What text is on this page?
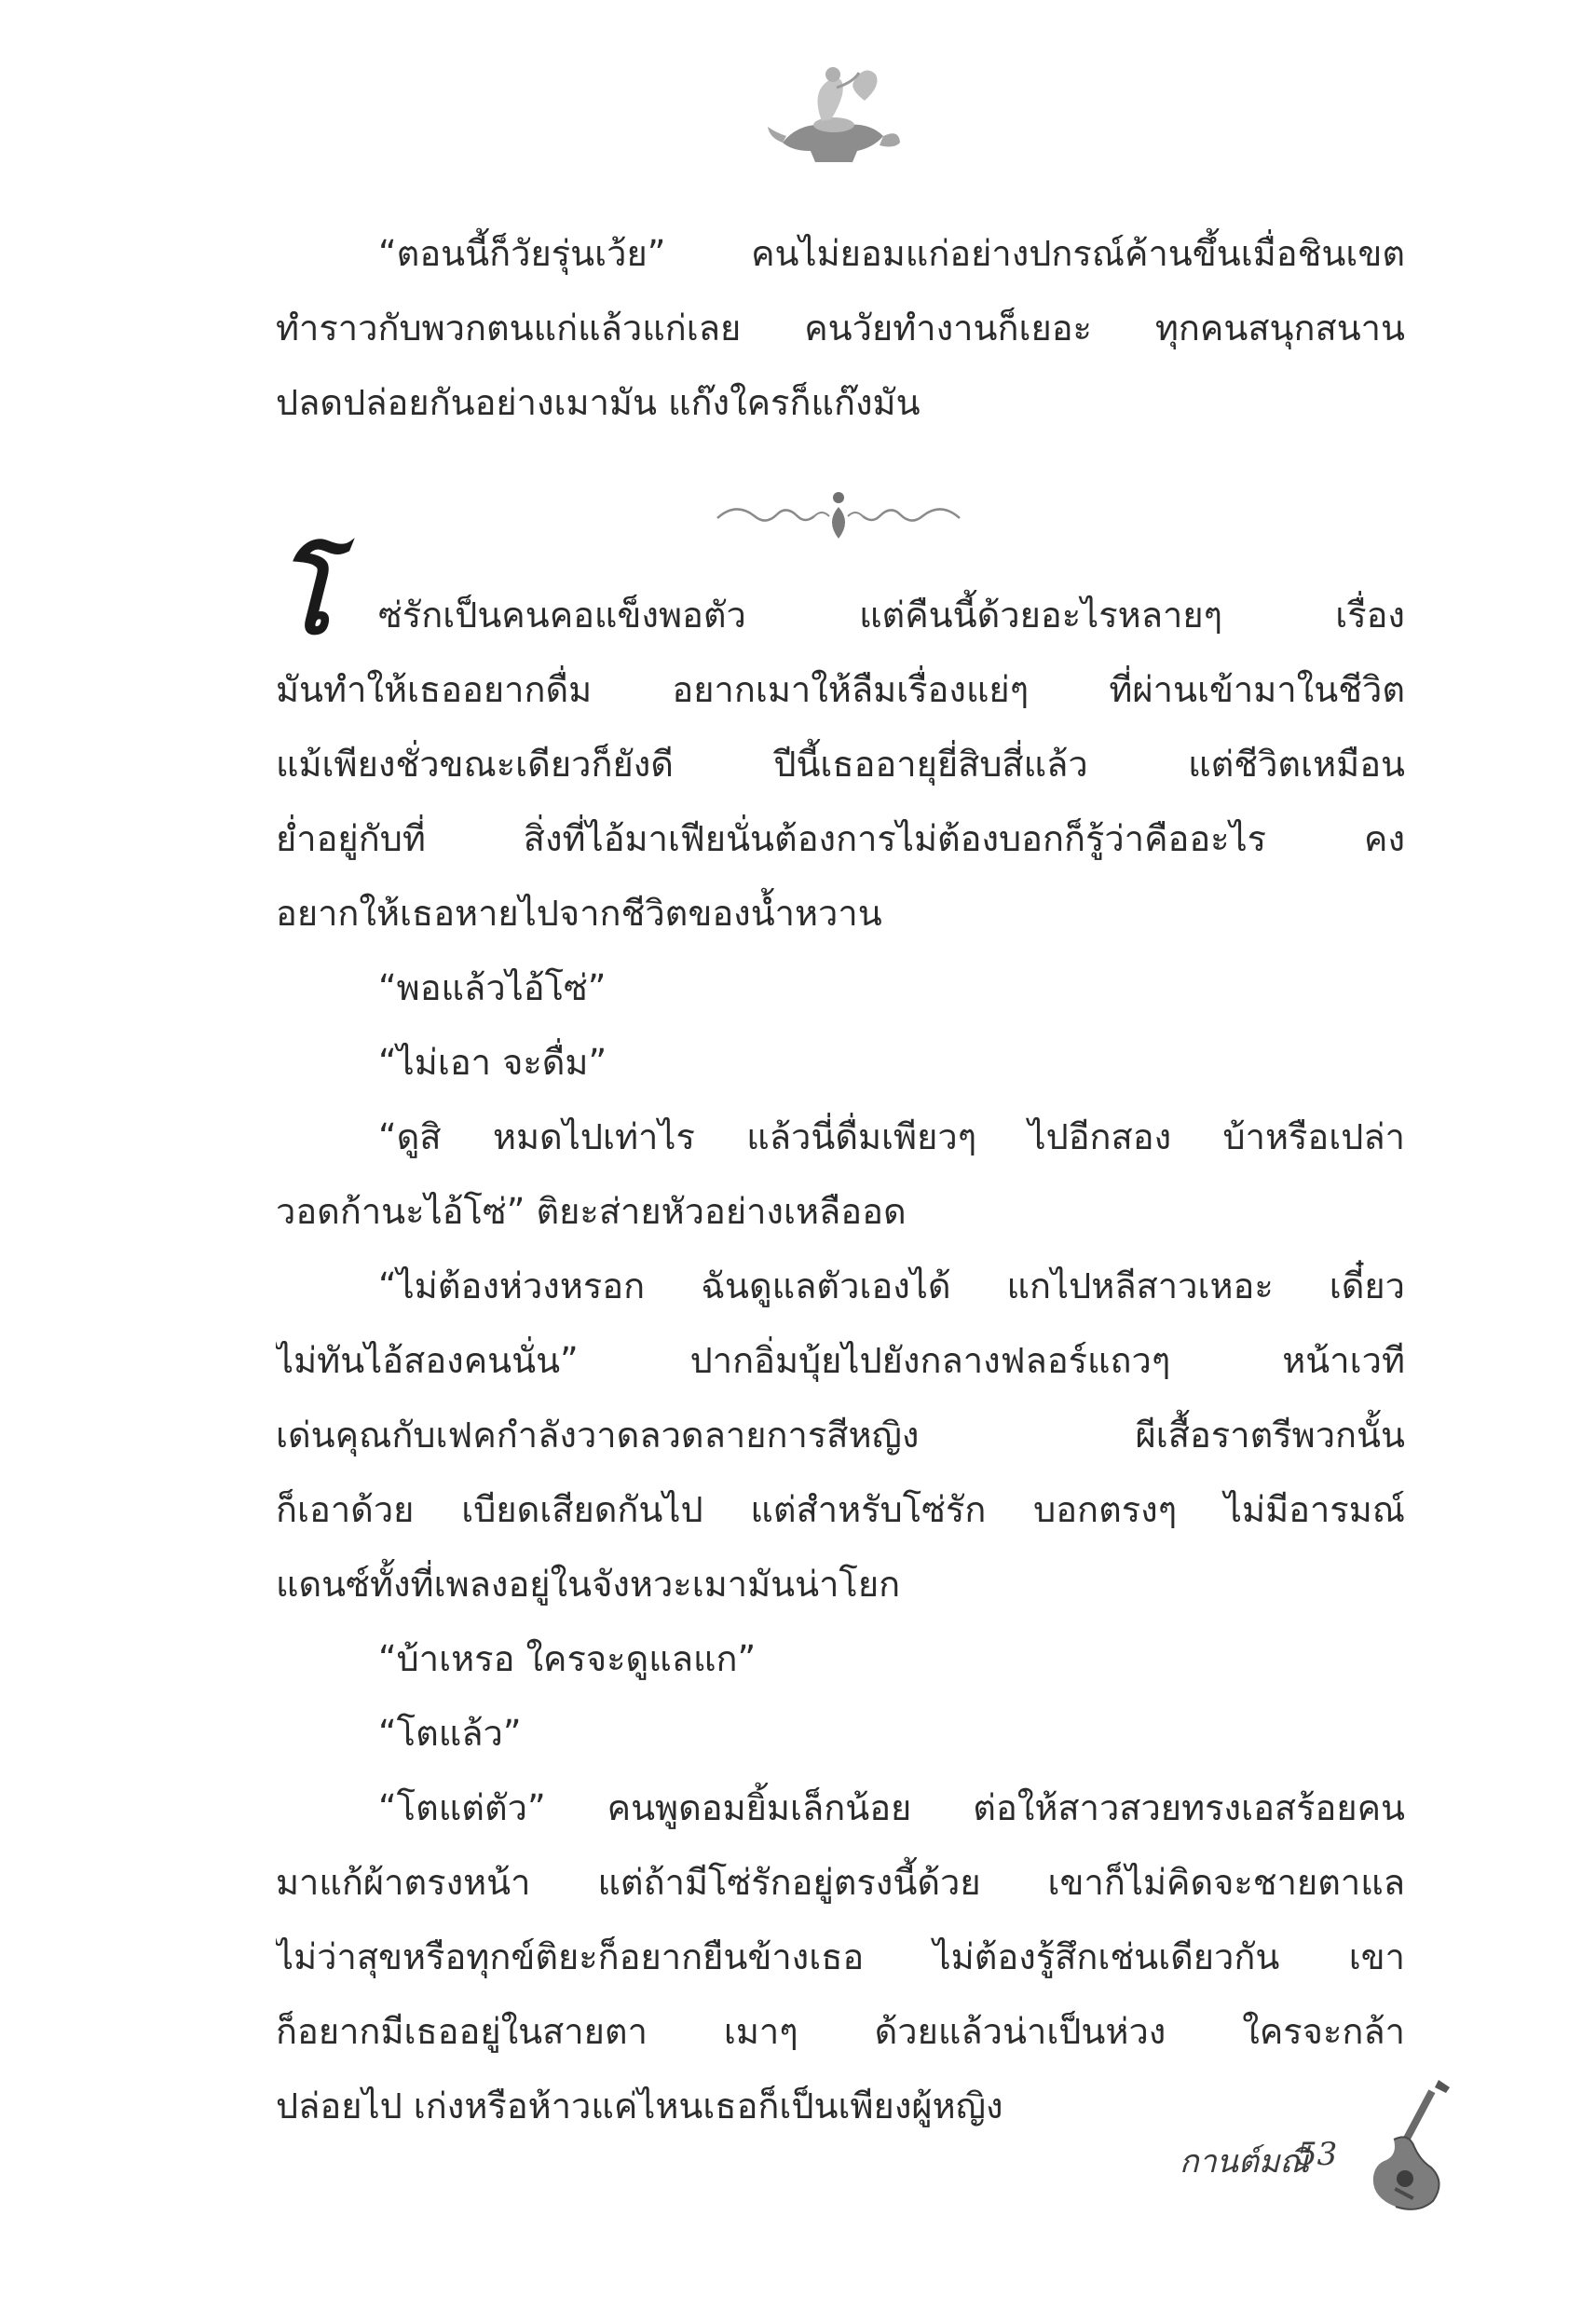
“ตอนนี้ก็วัยรุ่นเว้ย” คนไม่ยอมแก่อย่างปกรณ์ค้านขึ้นเมื่อชินเขต
ทำราวกับพวกตนแก่แล้วแก่เลย คนวัยทำงานก็เยอะ ทุกคนสนุกสนาน
ปลดปล่อยกันอย่างเมามัน แก๊งใครก็แก๊งมัน
โ ซ่รักเป็นคนคอแข็งพอตัว แต่คืนนี้ด้วยอะไรหลายๆ เรื่อง
มันทำให้เธออยากดื่ม อยากเมาให้ลืมเรื่องแย่ๆ ที่ผ่านเข้ามาในชีวิต
แม้เพียงชั่วขณะเดียวก็ยังดี ปีนี้เธออายุยี่สิบสี่แล้ว แต่ชีวิตเหมือน
ย่ำอยู่กับที่ สิ่งที่ไอ้มาเฟียนั่นต้องการไม่ต้องบอกก็รู้ว่าคืออะไร คง
อยากให้เธอหายไปจากชีวิตของน้ำหวาน
“พอแล้วไอ้โซ่”
“ไม่เอา จะดื่ม”
“ดูสิ หมดไปเท่าไร แล้วนี่ดื่มเพียวๆ ไปอีกสอง บ้าหรือเปล่า
วอดก้านะไอ้โซ่” ติยะส่ายหัวอย่างเหลืออด
“ไม่ต้องห่วงหรอก ฉันดูแลตัวเองได้ แกไปหลีสาวเหอะ เดี๋ยว
ไม่ทันไอ้สองคนนั่น” ปากอิ่มบุ้ยไปยังกลางฟลอร์แถวๆ หน้าเวที
เด่นคุณกับเฟคกำลังวาดลวดลายการสีหญิง ผีเสื้อราตรีพวกนั้น
ก็เอาด้วย เบียดเสียดกันไป แต่สำหรับโซ่รัก บอกตรงๆ ไม่มีอารมณ์
แดนซ์ทั้งที่เพลงอยู่ในจังหวะเมามันน่าโยก
“บ้าเหรอ ใครจะดูแลแก”
“โตแล้ว”
“โตแต่ตัว” คนพูดอมยิ้มเล็กน้อย ต่อให้สาวสวยทรงเอสร้อยคน
มาแก้ผ้าตรงหน้า แต่ถ้ามีโซ่รักอยู่ตรงนี้ด้วย เขาก็ไม่คิดจะชายตาแล
ไม่ว่าสุขหรือทุกข์ติยะก็อยากยืนข้างเธอ ไม่ต้องรู้สึกเช่นเดียวกัน เขา
ก็อยากมีเธออยู่ในสายตา เมาๆ ด้วยแล้วน่าเป็นห่วง ใครจะกล้า
ปล่อยไป เก่งหรือห้าวแค่ไหนเธอก็เป็นเพียงผู้หญิง
กานต์มณี
53
